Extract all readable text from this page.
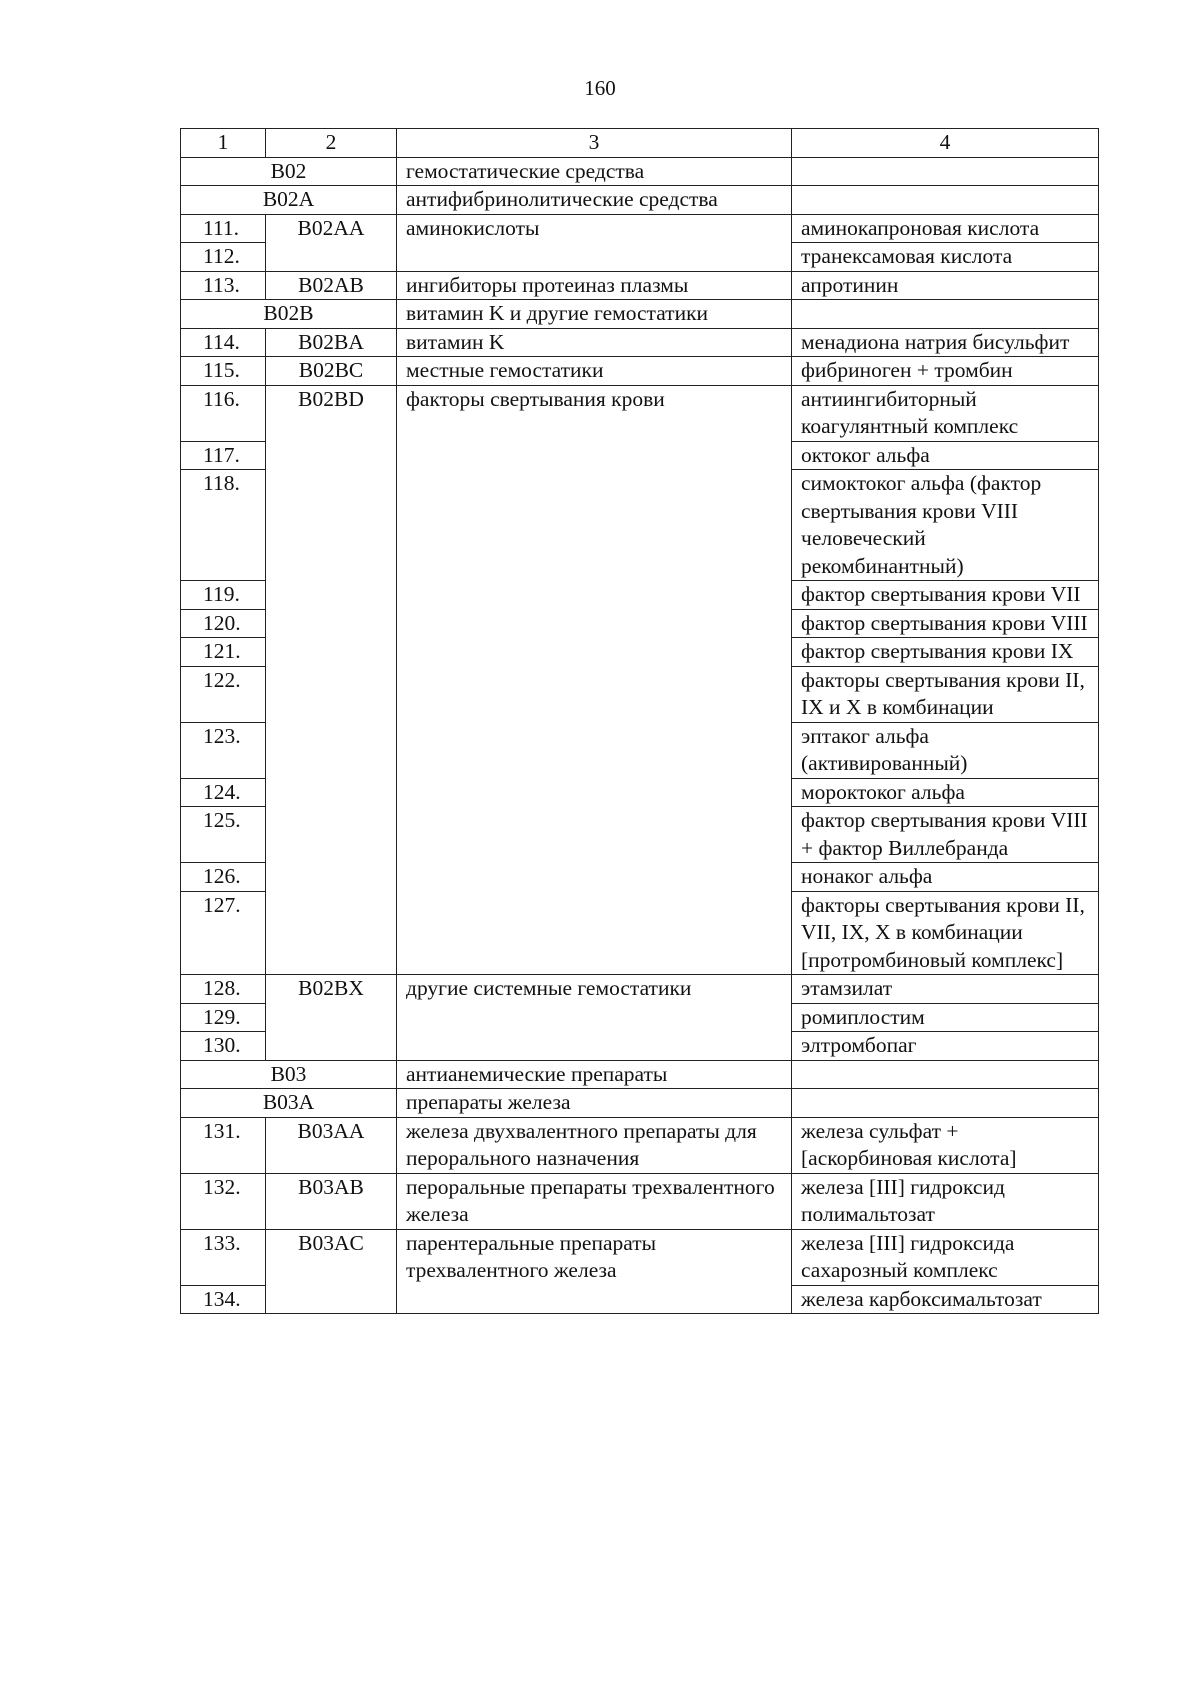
160
1	2	3	4
B02		гемостатические средства	
B02A		антифибринолитические средства	
111.	B02AA	аминокислоты	аминокапроновая кислота
112.			транексамовая кислота
113.	B02AB	ингибиторы протеиназ плазмы	апротинин
B02B		витамин K и другие гемостатики	
114.	B02BA	витамин K	менадиона натрия бисульфит
115.	B02BC	местные гемостатики	фибриноген + тромбин
116.	B02BD	факторы свертывания крови	антиингибиторный коагулянтный комплекс
117.			октоког альфа
118.			симоктоког альфа (фактор свертывания крови VIII человеческий рекомбинантный)
119.			фактор свертывания крови VII
120.			фактор свертывания крови VIII
121.			фактор свертывания крови IX
122.			факторы свертывания крови II, IX и X в комбинации
123.			эптаког альфа (активированный)
124.			мороктоког альфа
125.			фактор свертывания крови VIII + фактор Виллебранда
126.			нонаког альфа
127.			факторы свертывания крови II, VII, IX, X в комбинации [протромбиновый комплекс]
128.	B02BX	другие системные гемостатики	этамзилат
129.			ромиплостим
130.			элтромбопаг
B03		антианемические препараты	
B03A		препараты железа	
131.	B03AA	железа двухвалентного препараты для перорального назначения	железа сульфат + [аскорбиновая кислота]
132.	B03AB	пероральные препараты трехвалентного железа	железа [III] гидроксид полимальтозат
133.	B03AC	парентеральные препараты трехвалентного железа	железа [III] гидроксида сахарозный комплекс
134.			железа карбоксимальтозат
